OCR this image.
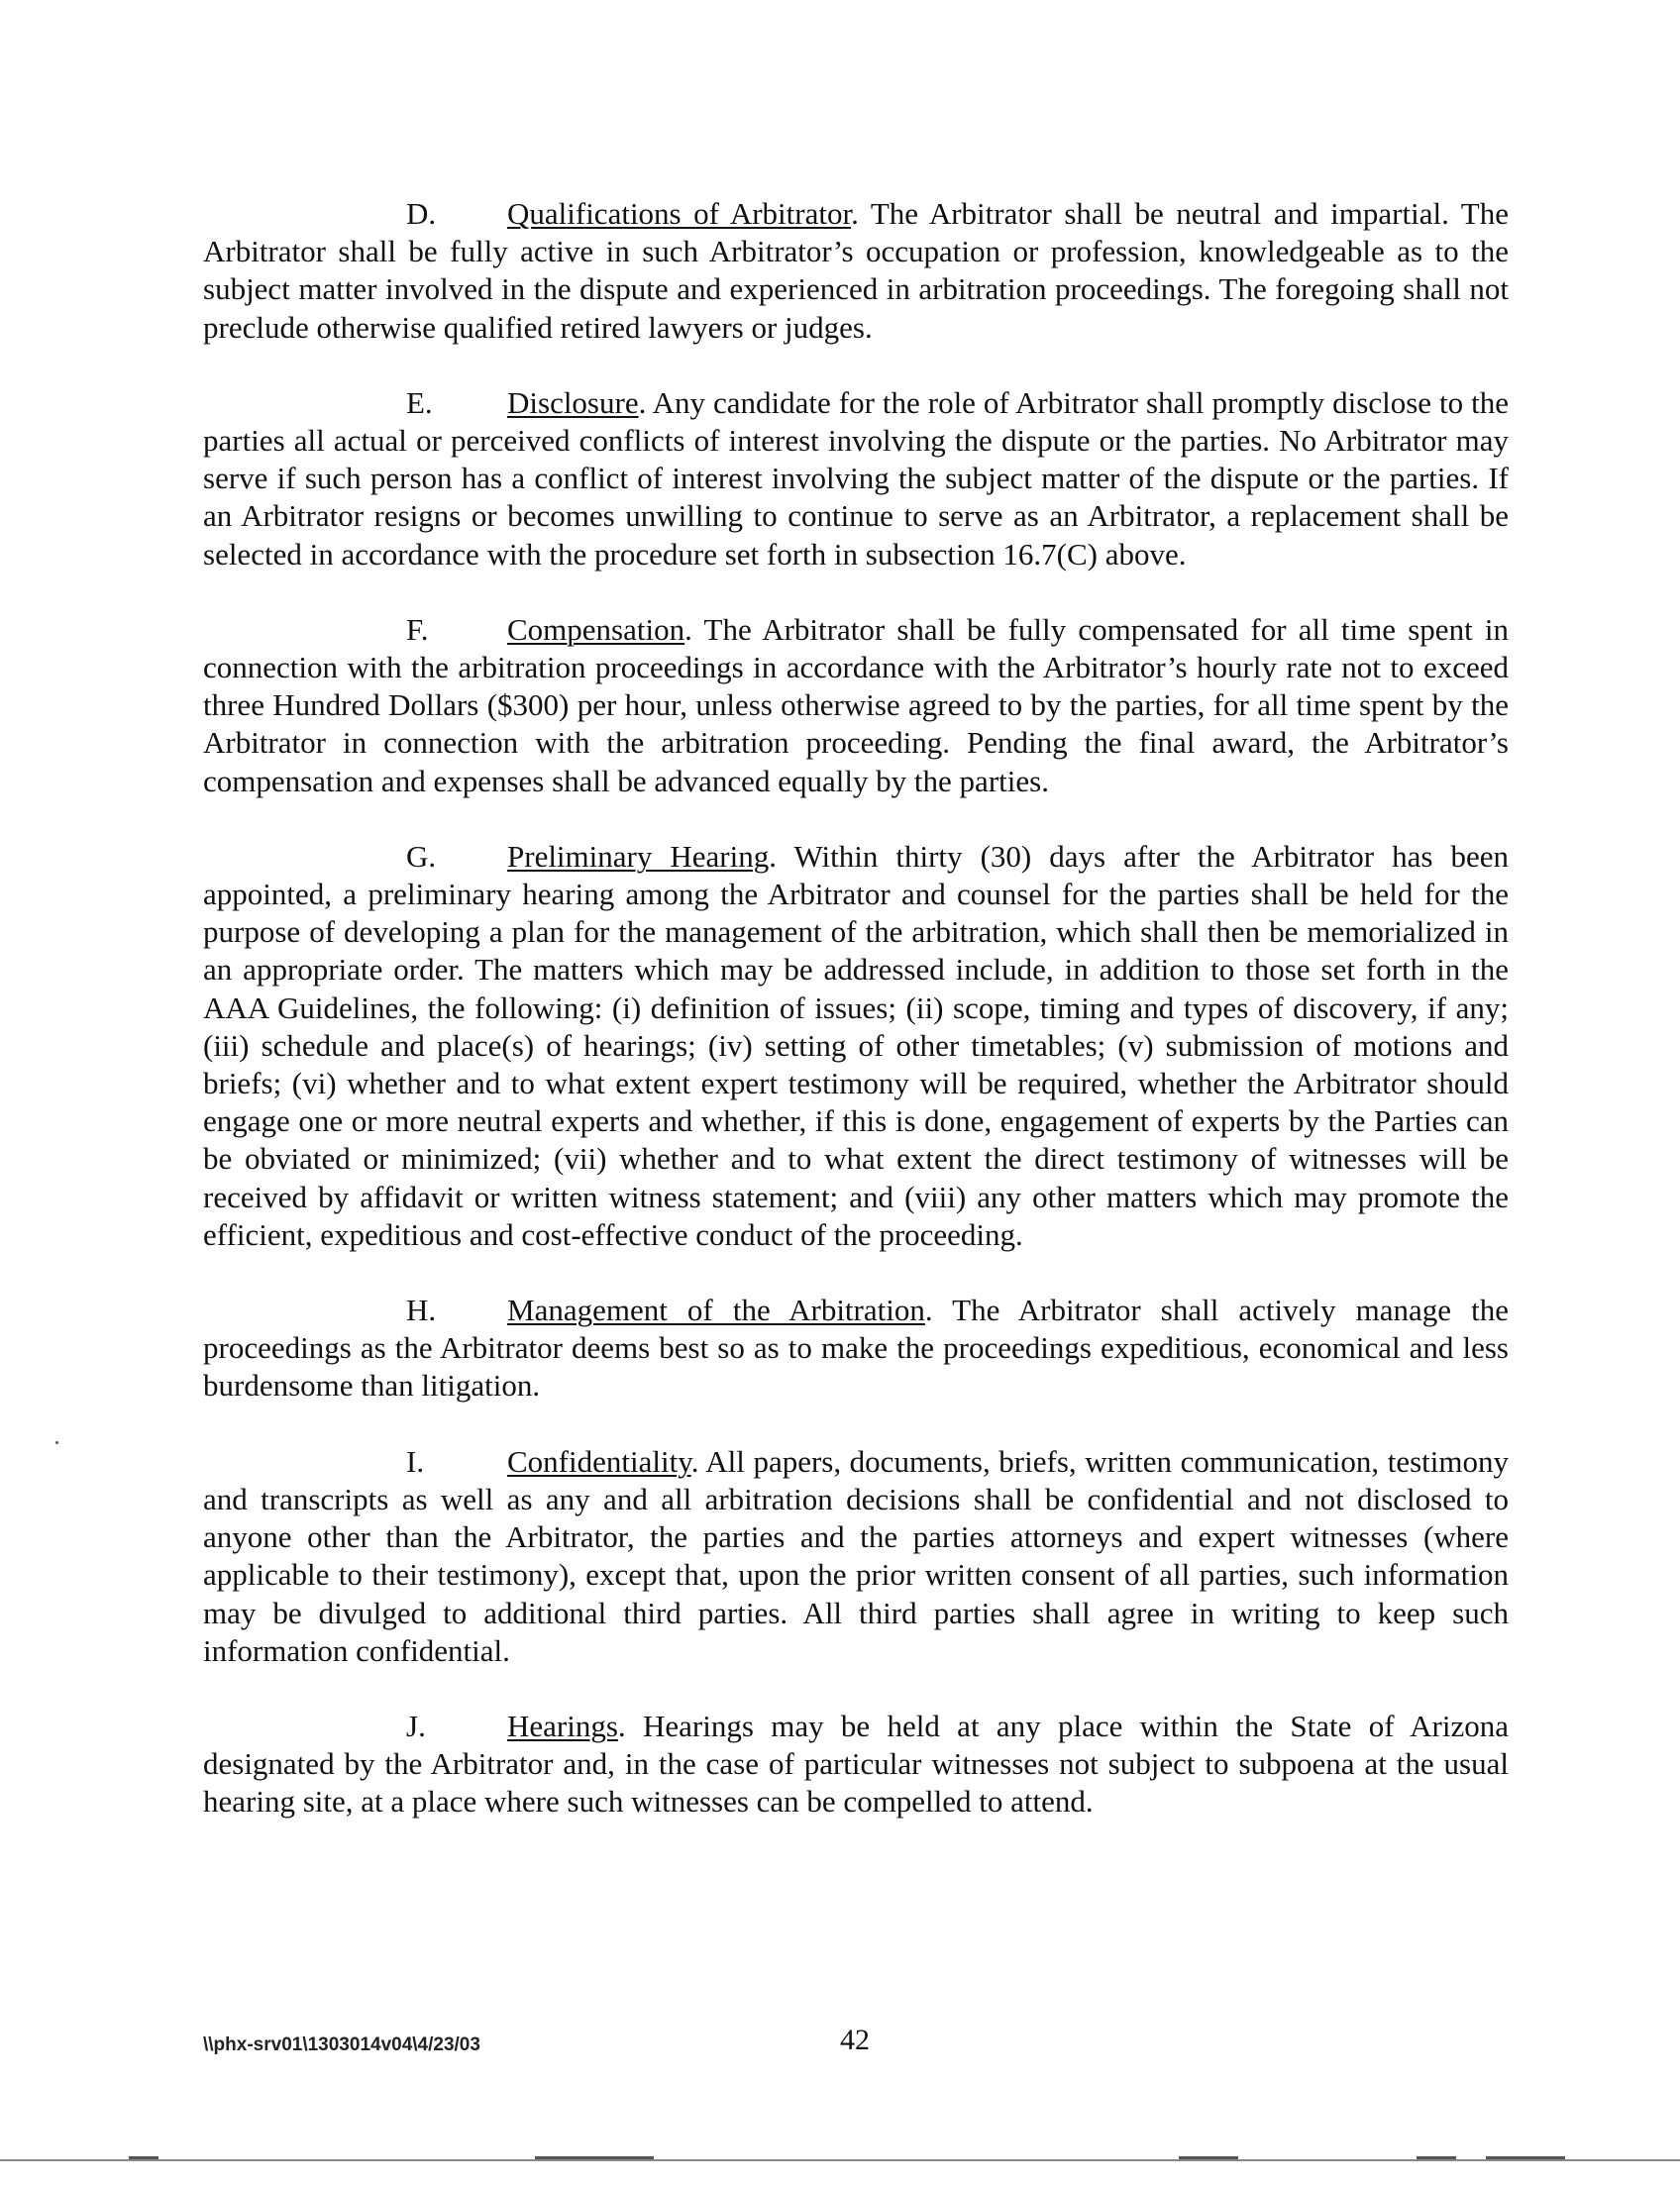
D. Qualifications of Arbitrator. The Arbitrator shall be neutral and impartial. The Arbitrator shall be fully active in such Arbitrator’s occupation or profession, knowledgeable as to the subject matter involved in the dispute and experienced in arbitration proceedings. The foregoing shall not preclude otherwise qualified retired lawyers or judges.

E. Disclosure. Any candidate for the role of Arbitrator shall promptly disclose to the parties all actual or perceived conflicts of interest involving the dispute or the parties. No Arbitrator may serve if such person has a conflict of interest involving the subject matter of the dispute or the parties. If an Arbitrator resigns or becomes unwilling to continue to serve as an Arbitrator, a replacement shall be selected in accordance with the procedure set forth in subsection 16.7(C) above.

F.	Compensation. The Arbitrator shall be fully compensated for all time spent in connection with the arbitration proceedings in accordance with the Arbitrator’s hourly rate not to exceed three Hundred Dollars ($300) per hour, unless otherwise agreed to by the parties, for all time spent by the Arbitrator in connection with the arbitration proceeding. Pending the final award, the Arbitrator’s compensation and expenses shall be advanced equally by the parties.

G. Preliminary Hearing. Within thirty (30) days after the Arbitrator has been appointed, a preliminary hearing among the Arbitrator and counsel for the parties shall be held for the purpose of developing a plan for the management of the arbitration, which shall then be memorialized in an appropriate order. The matters which may be addressed include, in addition to those set forth in the AAA Guidelines, the following: (i) definition of issues; (ii) scope, timing and types of discovery, if any; (iii) schedule and place(s) of hearings; (iv) setting of other timetables; (v) submission of motions and briefs; (vi) whether and to what extent expert testimony will be required, whether the Arbitrator should engage one or more neutral experts and whether, if this is done, engagement of experts by the Parties can be obviated or minimized; (vii) whether and to what extent the direct testimony of witnesses will be received by affidavit or written witness statement; and (viii) any other matters which may promote the efficient, expeditious and cost-effective conduct of the proceeding.

H. Management of the Arbitration. The Arbitrator shall actively manage the proceedings as the Arbitrator deems best so as to make the proceedings expeditious, economical and less burdensome than litigation.

I.	Confidentiality. All papers, documents, briefs, written communication, testimony and transcripts as well as any and all arbitration decisions shall be confidential and not disclosed to anyone other than the Arbitrator, the parties and the parties attorneys and expert witnesses (where applicable to their testimony), except that, upon the prior written consent of all parties, such information may be divulged to additional third parties. All third parties shall agree in writing to keep such information confidential.

J.	Hearings. Hearings may be held at any place within the State of Arizona designated by the Arbitrator and, in the case of particular witnesses not subject to subpoena at the usual hearing site, at a place where such witnesses can be compelled to attend.

\\phx-srv01\1303014v04\4/23/03	42
